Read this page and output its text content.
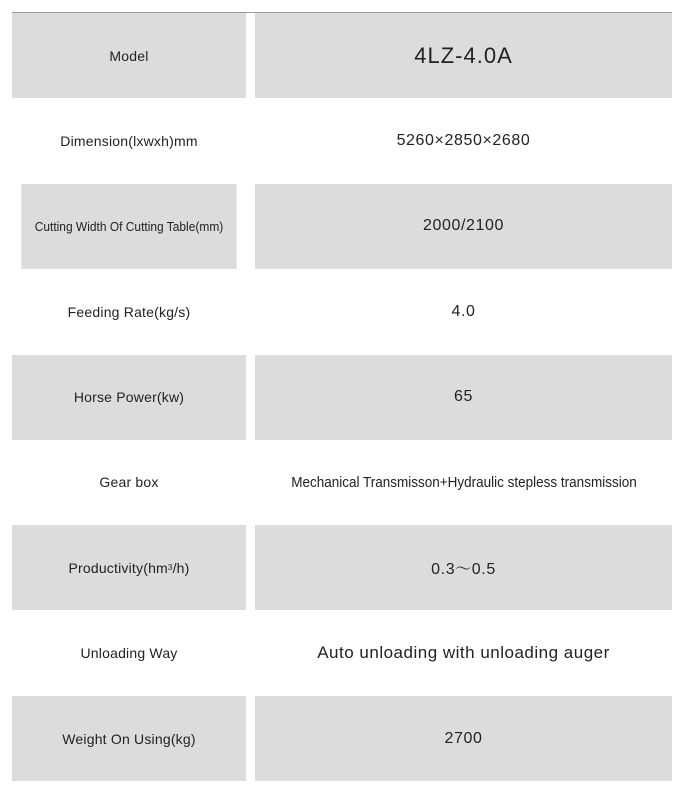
Model	4LZ-4.0A
Dimension(lxwxh)mm	5260×2850×2680
Cutting Width Of Cutting Table(mm)	2000/2100
Feeding Rate(kg/s)	4.0
Horse Power(kw)	65
Gear box	Mechanical Transmisson+Hydraulic stepless transmission
Productivity(hm 3 /h)	0.3～0.5
Unloading Way	Auto unloading with unloading auger
Weight On Using(kg)	2700
